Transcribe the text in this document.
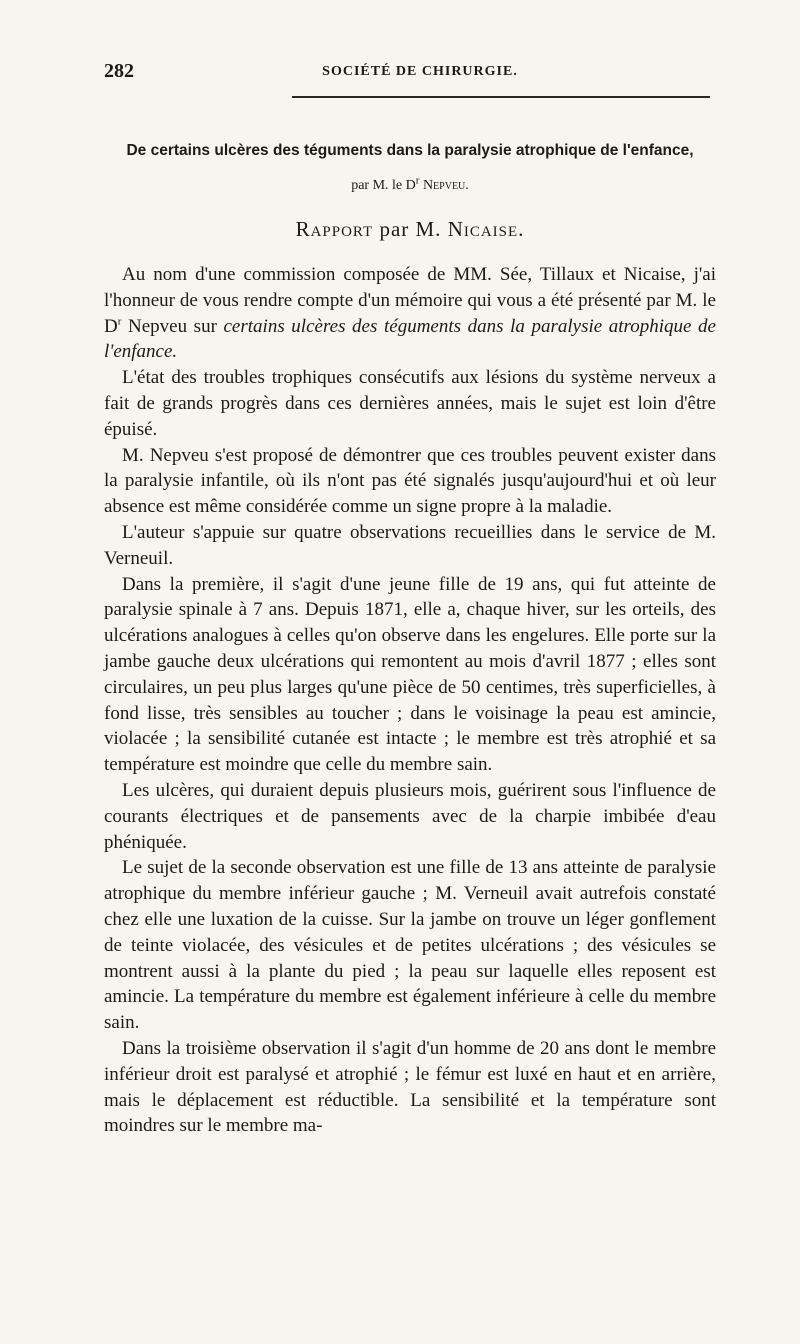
282	SOCIÉTÉ DE CHIRURGIE.
De certains ulcères des téguments dans la paralysie atrophique de l'enfance,
par M. le $D^r$ Nepveu.
Rapport par M. Nicaise.

Au nom d'une commission composée de MM. Sée, Tillaux et Nicaise, j'ai l'honneur de vous rendre compte d'un mémoire qui vous a été présenté par M. le $D^r$ Nepveu sur certains ulcères des téguments dans la paralysie atrophique de l'enfance.

L'état des troubles trophiques consécutifs aux lésions du système nerveux a fait de grands progrès dans ces dernières années, mais le sujet est loin d'être épuisé.

M. Nepveu s'est proposé de démontrer que ces troubles peuvent exister dans la paralysie infantile, où ils n'ont pas été signalés jusqu'aujourd'hui et où leur absence est même considérée comme un signe propre à la maladie.

L'auteur s'appuie sur quatre observations recueillies dans le service de M. Verneuil.

Dans la première, il s'agit d'une jeune fille de 19 ans, qui fut atteinte de paralysie spinale à 7 ans. Depuis 1871, elle a, chaque hiver, sur les orteils, des ulcérations analogues à celles qu'on observe dans les engelures. Elle porte sur la jambe gauche deux ulcérations qui remontent au mois d'avril 1877 ; elles sont circulaires, un peu plus larges qu'une pièce de 50 centimes, très superficielles, à fond lisse, très sensibles au toucher ; dans le voisinage la peau est amincie, violacée ; la sensibilité cutanée est intacte ; le membre est très atrophié et sa température est moindre que celle du membre sain.

Les ulcères, qui duraient depuis plusieurs mois, guérirent sous l'influence de courants électriques et de pansements avec de la charpie imbibée d'eau phéniquée.

Le sujet de la seconde observation est une fille de 13 ans atteinte de paralysie atrophique du membre inférieur gauche ; M. Verneuil avait autrefois constaté chez elle une luxation de la cuisse. Sur la jambe on trouve un léger gonflement de teinte violacée, des vésicules et de petites ulcérations ; des vésicules se montrent aussi à la plante du pied ; la peau sur laquelle elles reposent est amincie. La température du membre est également inférieure à celle du membre sain.

Dans la troisième observation il s'agit d'un homme de 20 ans dont le membre inférieur droit est paralysé et atrophié ; le fémur est luxé en haut et en arrière, mais le déplacement est réductible. La sensibilité et la température sont moindres sur le membre ma-
